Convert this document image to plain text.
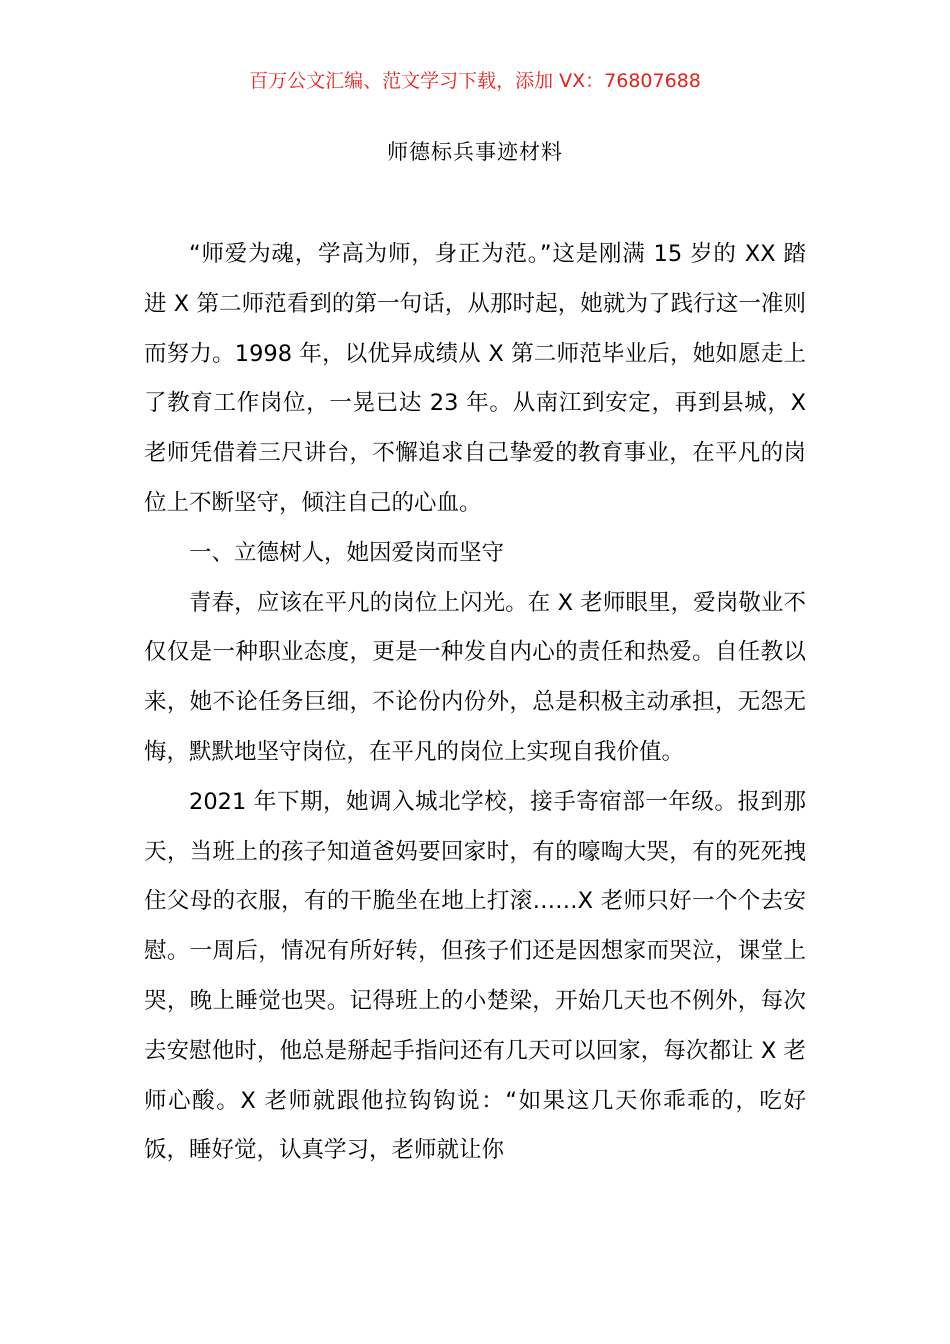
百万公文汇编、范文学习下载，添加 VX：76807688
师德标兵事迹材料

“师爱为魂，学高为师，身正为范。”这是刚满 15 岁的 XX 踏进 X 第二师范看到的第一句话，从那时起，她就为了践行这一准则而努力。1998 年，以优异成绩从 X 第二师范毕业后，她如愿走上了教育工作岗位，一晃已达 23 年。从南江到安定，再到县城，X 老师凭借着三尺讲台，不懈追求自己挚爱的教育事业，在平凡的岗位上不断坚守，倾注自己的心血。

一、立德树人，她因爱岗而坚守

青春，应该在平凡的岗位上闪光。在 X 老师眼里，爱岗敬业不仅仅是一种职业态度，更是一种发自内心的责任和热爱。自任教以来，她不论任务巨细，不论份内份外，总是积极主动承担，无怨无悔，默默地坚守岗位，在平凡的岗位上实现自我价值。

2021 年下期，她调入城北学校，接手寄宿部一年级。报到那天，当班上的孩子知道爸妈要回家时，有的嚎啕大哭，有的死死拽住父母的衣服，有的干脆坐在地上打滚……X 老师只好一个个去安慰。一周后，情况有所好转，但孩子们还是因想家而哭泣，课堂上哭，晚上睡觉也哭。记得班上的小楚梁，开始几天也不例外，每次去安慰他时，他总是掰起手指问还有几天可以回家，每次都让 X 老师心酸。X 老师就跟他拉钩钩说：“如果这几天你乖乖的，吃好饭，睡好觉，认真学习，老师就让你
